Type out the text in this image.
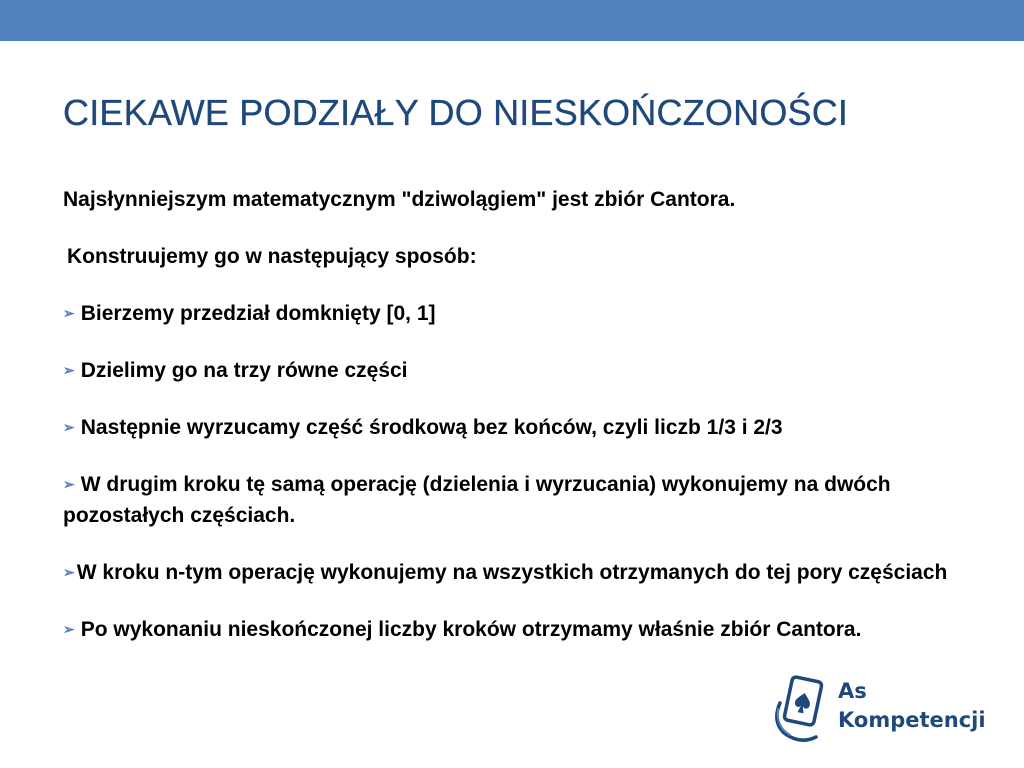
CIEKAWE PODZIAŁY DO NIESKOŃCZONOŚCI

Najsłynniejszym matematycznym "dziwolągiem" jest zbiór Cantora.

Konstruujemy go w następujący sposób:

➢ Bierzemy przedział domknięty [0, 1]

➢ Dzielimy go na trzy równe części

➢ Następnie wyrzucamy część środkową bez końców, czyli liczb 1/3 i 2/3

➢ W drugim kroku tę samą operację (dzielenia i wyrzucania) wykonujemy na dwóch pozostałych częściach.

➢W kroku n-tym operację wykonujemy na wszystkich otrzymanych do tej pory częściach

➢ Po wykonaniu nieskończonej liczby kroków otrzymamy właśnie zbiór Cantora.

As
Kompetencji
